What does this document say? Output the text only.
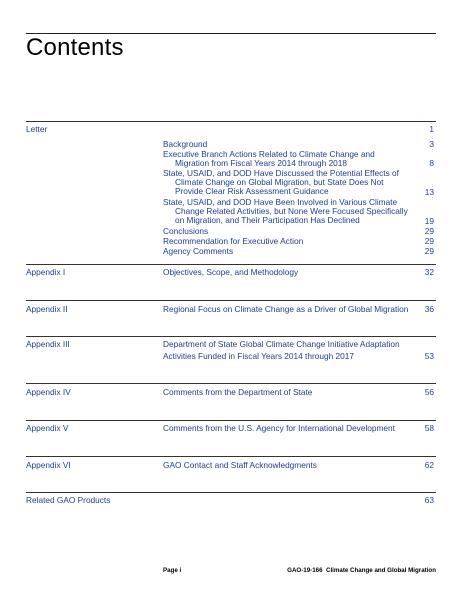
Contents
Letter	1
Background	3
Executive Branch Actions Related to Climate Change and
Migration from Fiscal Years 2014 through 2018	8
State, USAID, and DOD Have Discussed the Potential Effects of
Climate Change on Global Migration, but State Does Not
Provide Clear Risk Assessment Guidance	13
State, USAID, and DOD Have Been Involved in Various Climate
Change Related Activities, but None Were Focused Specifically
on Migration, and Their Participation Has Declined	19
Conclusions	29
Recommendation for Executive Action	29
Agency Comments	29
Appendix I	Objectives, Scope, and Methodology	32
Appendix II	Regional Focus on Climate Change as a Driver of Global Migration	36
Appendix III	Department of State Global Climate Change Initiative Adaptation
Activities Funded in Fiscal Years 2014 through 2017	53
Appendix IV	Comments from the Department of State	56
Appendix V	Comments from the U.S. Agency for International Development	58
Appendix VI	GAO Contact and Staff Acknowledgments	62
Related GAO Products	63
Page i	GAO-19-166  Climate Change and Global Migration
